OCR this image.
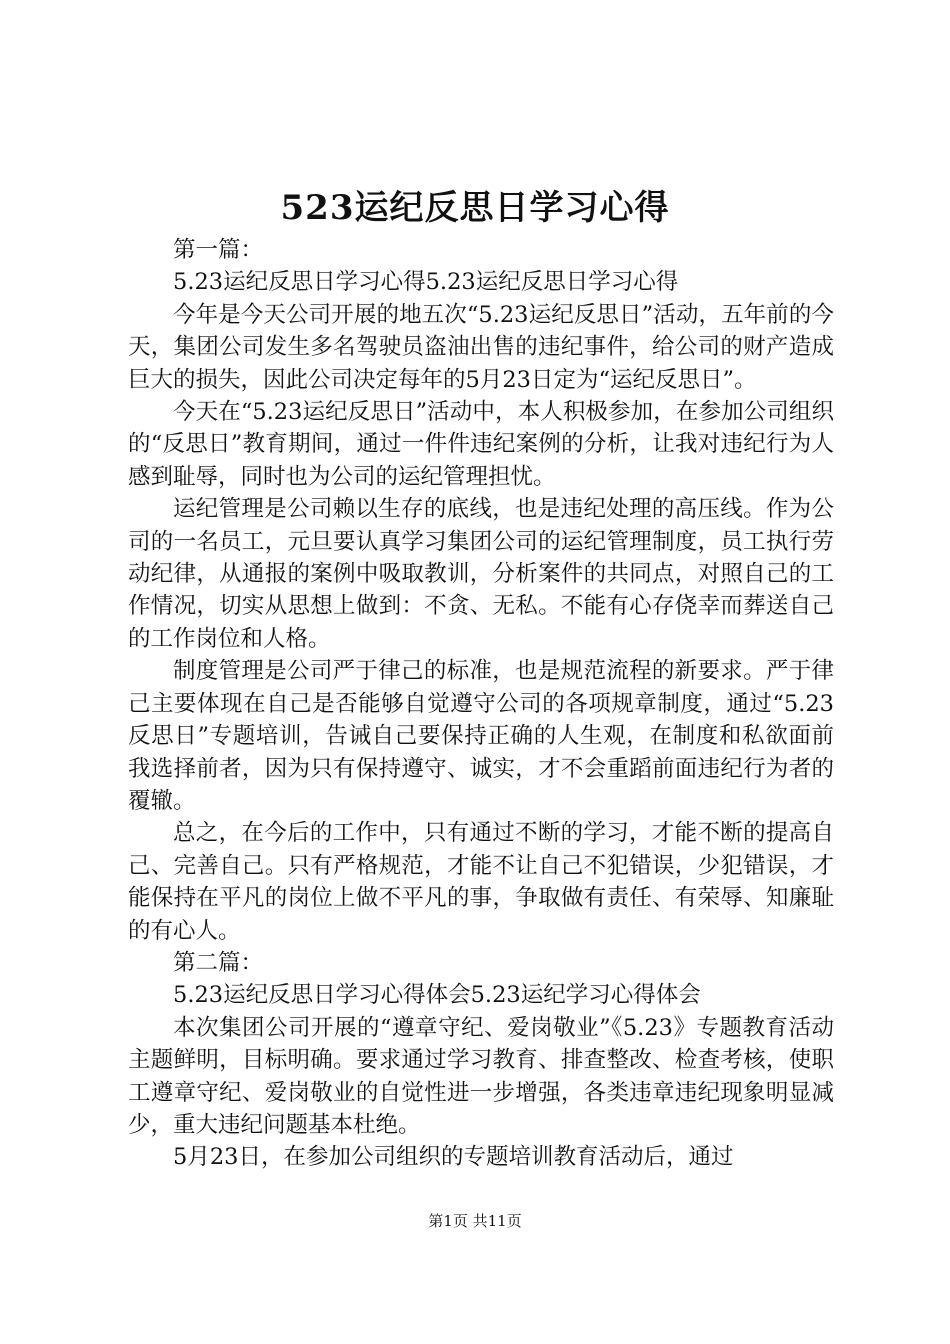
523运纪反思日学习心得

第一篇：

5.23运纪反思日学习心得5.23运纪反思日学习心得

今年是今天公司开展的地五次“5.23运纪反思日”活动，五年前的今天，集团公司发生多名驾驶员盗油出售的违纪事件，给公司的财产造成巨大的损失，因此公司决定每年的5月23日定为“运纪反思日”。

今天在“5.23运纪反思日”活动中，本人积极参加，在参加公司组织的“反思日”教育期间，通过一件件违纪案例的分析，让我对违纪行为人感到耻辱，同时也为公司的运纪管理担忧。

运纪管理是公司赖以生存的底线，也是违纪处理的高压线。作为公司的一名员工，元旦要认真学习集团公司的运纪管理制度，员工执行劳动纪律，从通报的案例中吸取教训，分析案件的共同点，对照自己的工作情况，切实从思想上做到：不贪、无私。不能有心存侥幸而葬送自己的工作岗位和人格。

制度管理是公司严于律己的标准，也是规范流程的新要求。严于律己主要体现在自己是否能够自觉遵守公司的各项规章制度，通过“5.23反思日”专题培训，告诫自己要保持正确的人生观，在制度和私欲面前我选择前者，因为只有保持遵守、诚实，才不会重蹈前面违纪行为者的覆辙。

总之，在今后的工作中，只有通过不断的学习，才能不断的提高自己、完善自己。只有严格规范，才能不让自己不犯错误，少犯错误，才能保持在平凡的岗位上做不平凡的事，争取做有责任、有荣辱、知廉耻的有心人。

第二篇：

5.23运纪反思日学习心得体会5.23运纪学习心得体会

本次集团公司开展的“遵章守纪、爱岗敬业”《5.23》专题教育活动主题鲜明，目标明确。要求通过学习教育、排查整改、检查考核，使职工遵章守纪、爱岗敬业的自觉性进一步增强，各类违章违纪现象明显减少，重大违纪问题基本杜绝。

5月23日，在参加公司组织的专题培训教育活动后，通过

第1页 共11页
